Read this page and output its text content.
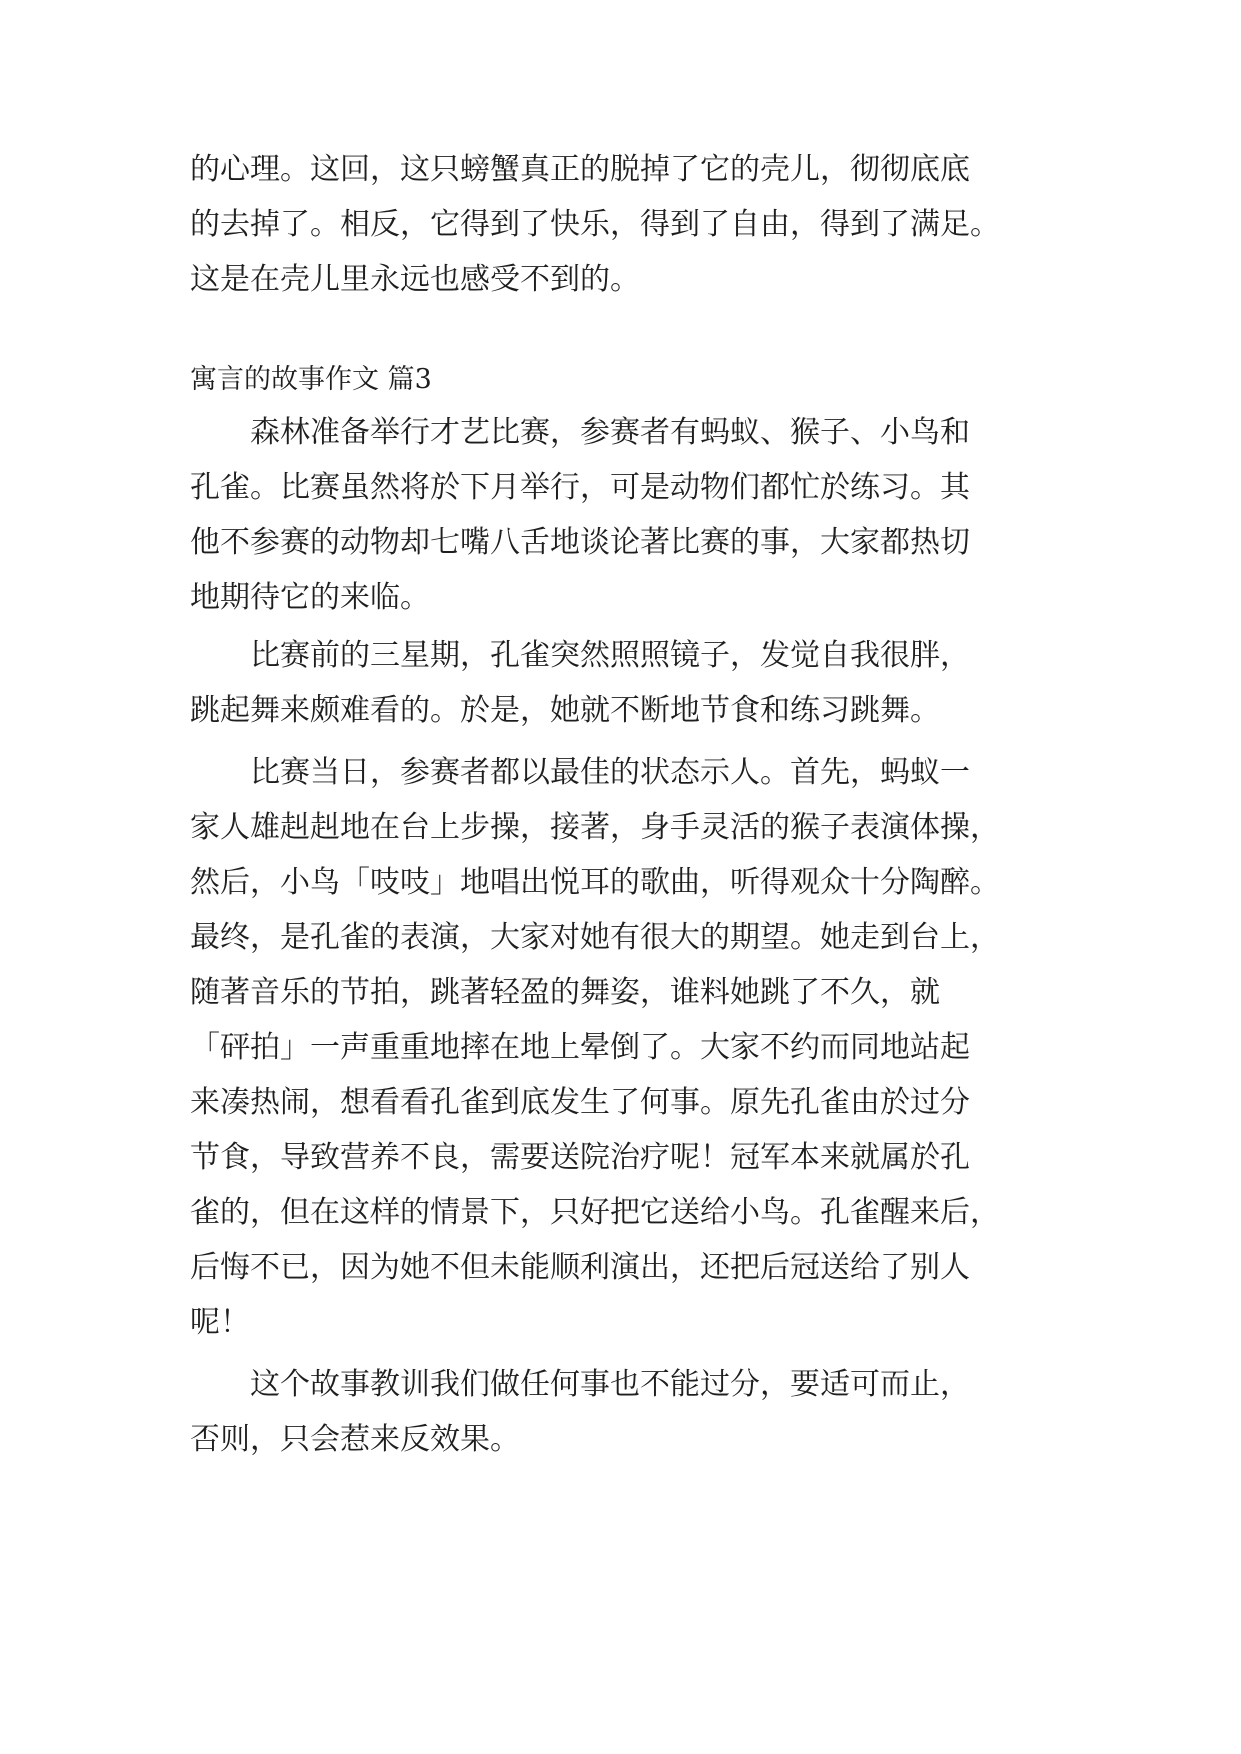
的心理。这回，这只螃蟹真正的脱掉了它的壳儿，彻彻底底

的去掉了。相反，它得到了快乐，得到了自由，得到了满足。

这是在壳儿里永远也感受不到的。

寓言的故事作文 篇3

森林准备举行才艺比赛，参赛者有蚂蚁、猴子、小鸟和

孔雀。比赛虽然将於下月举行，可是动物们都忙於练习。其

他不参赛的动物却七嘴八舌地谈论著比赛的事，大家都热切

地期待它的来临。

比赛前的三星期，孔雀突然照照镜子，发觉自我很胖，

跳起舞来颇难看的。於是，她就不断地节食和练习跳舞。

比赛当日，参赛者都以最佳的状态示人。首先，蚂蚁一

家人雄赳赳地在台上步操，接著，身手灵活的猴子表演体操，

然后，小鸟「吱吱」地唱出悦耳的歌曲，听得观众十分陶醉。

最终，是孔雀的表演，大家对她有很大的期望。她走到台上，

随著音乐的节拍，跳著轻盈的舞姿，谁料她跳了不久，就

「砰拍」一声重重地摔在地上晕倒了。大家不约而同地站起

来凑热闹，想看看孔雀到底发生了何事。原先孔雀由於过分

节食，导致营养不良，需要送院治疗呢！冠军本来就属於孔

雀的，但在这样的情景下，只好把它送给小鸟。孔雀醒来后，

后悔不已，因为她不但未能顺利演出，还把后冠送给了别人

呢！

这个故事教训我们做任何事也不能过分，要适可而止，

否则，只会惹来反效果。
